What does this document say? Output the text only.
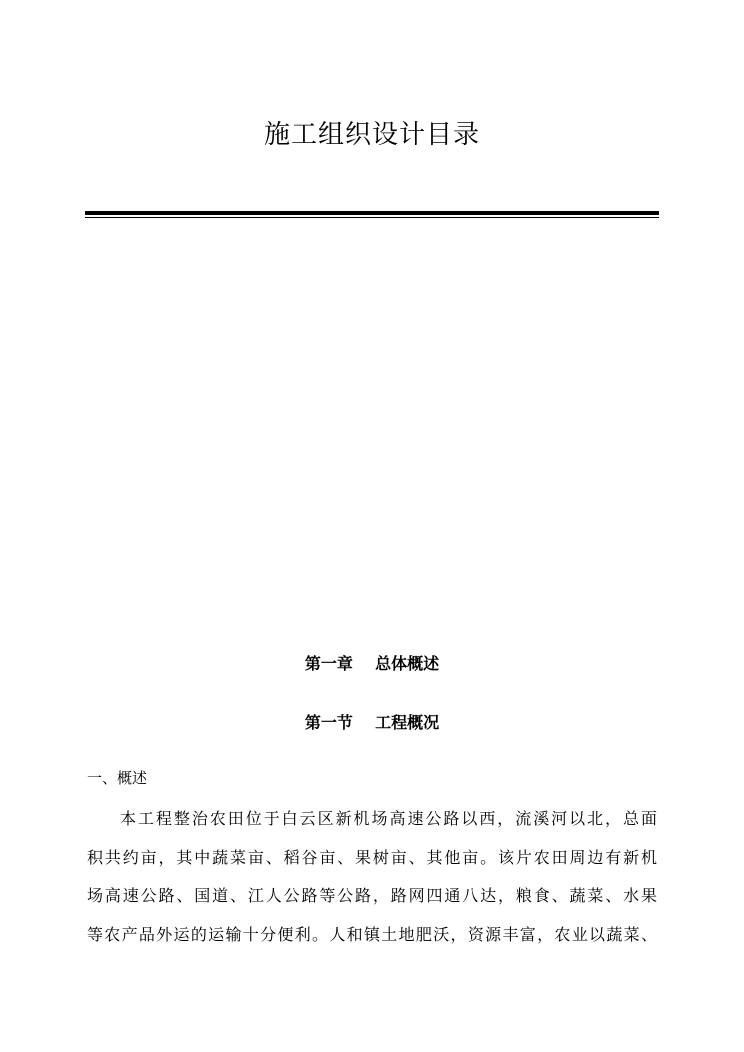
施工组织设计目录
第一章    总体概述
第一节    工程概况
一、概述
本工程整治农田位于白云区新机场高速公路以西，流溪河以北，总面
积共约亩，其中蔬菜亩、稻谷亩、果树亩、其他亩。该片农田周边有新机
场高速公路、国道、江人公路等公路，路网四通八达，粮食、蔬菜、水果
等农产品外运的运输十分便利。人和镇土地肥沃，资源丰富，农业以蔬菜、
